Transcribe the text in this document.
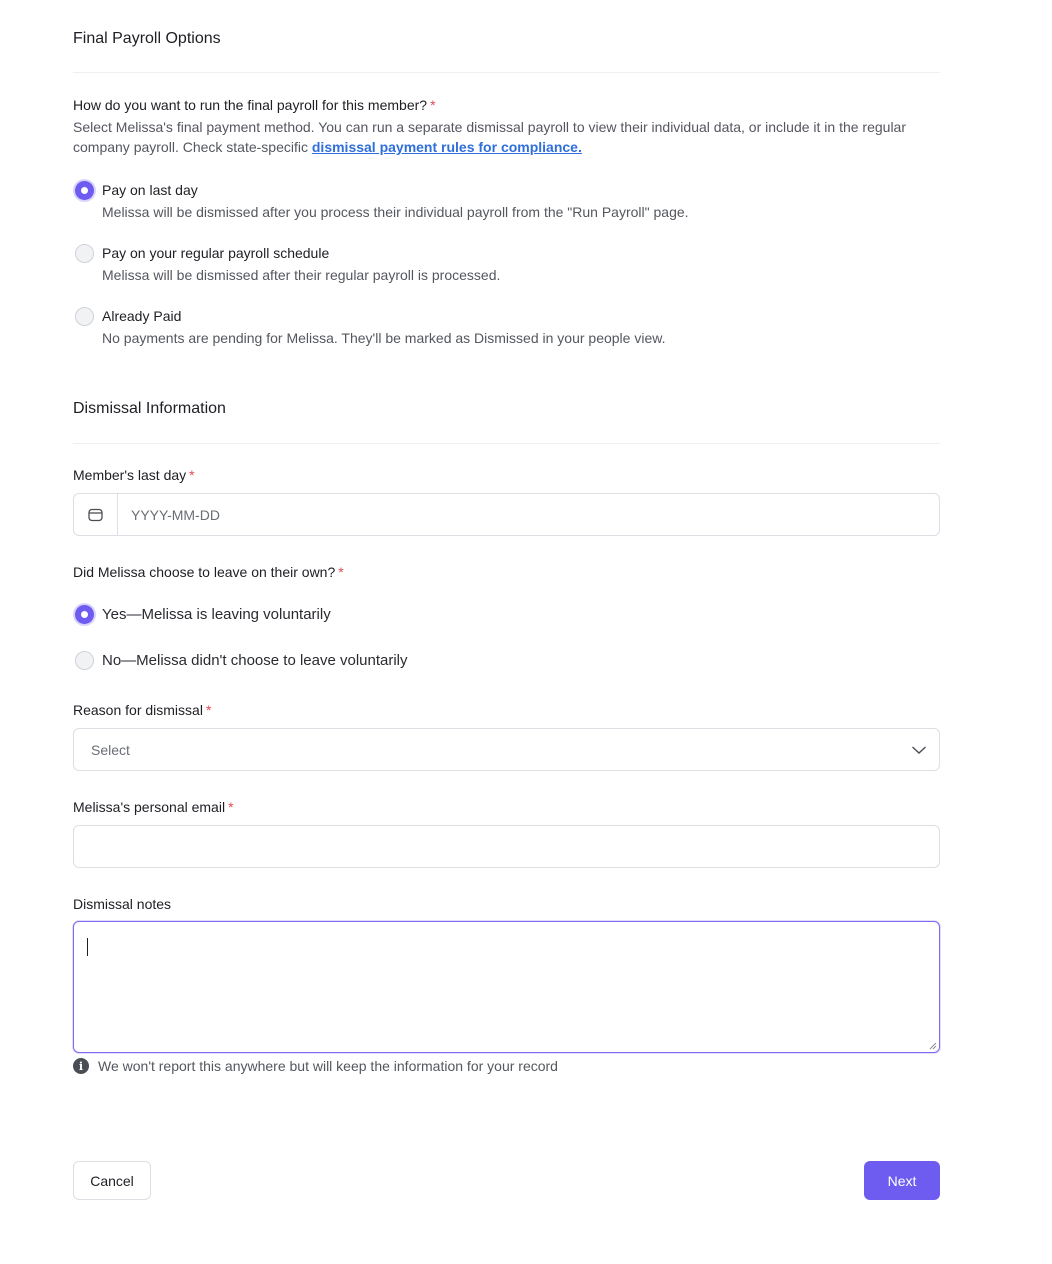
Final Payroll Options
How do you want to run the final payroll for this member? *
Select Melissa's final payment method. You can run a separate dismissal payroll to view their individual data, or include it in the regular company payroll. Check state-specific dismissal payment rules for compliance.
Pay on last day
Melissa will be dismissed after you process their individual payroll from the "Run Payroll" page.
Pay on your regular payroll schedule
Melissa will be dismissed after their regular payroll is processed.
Already Paid
No payments are pending for Melissa. They'll be marked as Dismissed in your people view.
Dismissal Information
Member's last day *
YYYY-MM-DD
Did Melissa choose to leave on their own? *
Yes—Melissa is leaving voluntarily
No—Melissa didn't choose to leave voluntarily
Reason for dismissal *
Select
Melissa's personal email *
Dismissal notes
i	We won't report this anywhere but will keep the information for your record
Cancel	Next
